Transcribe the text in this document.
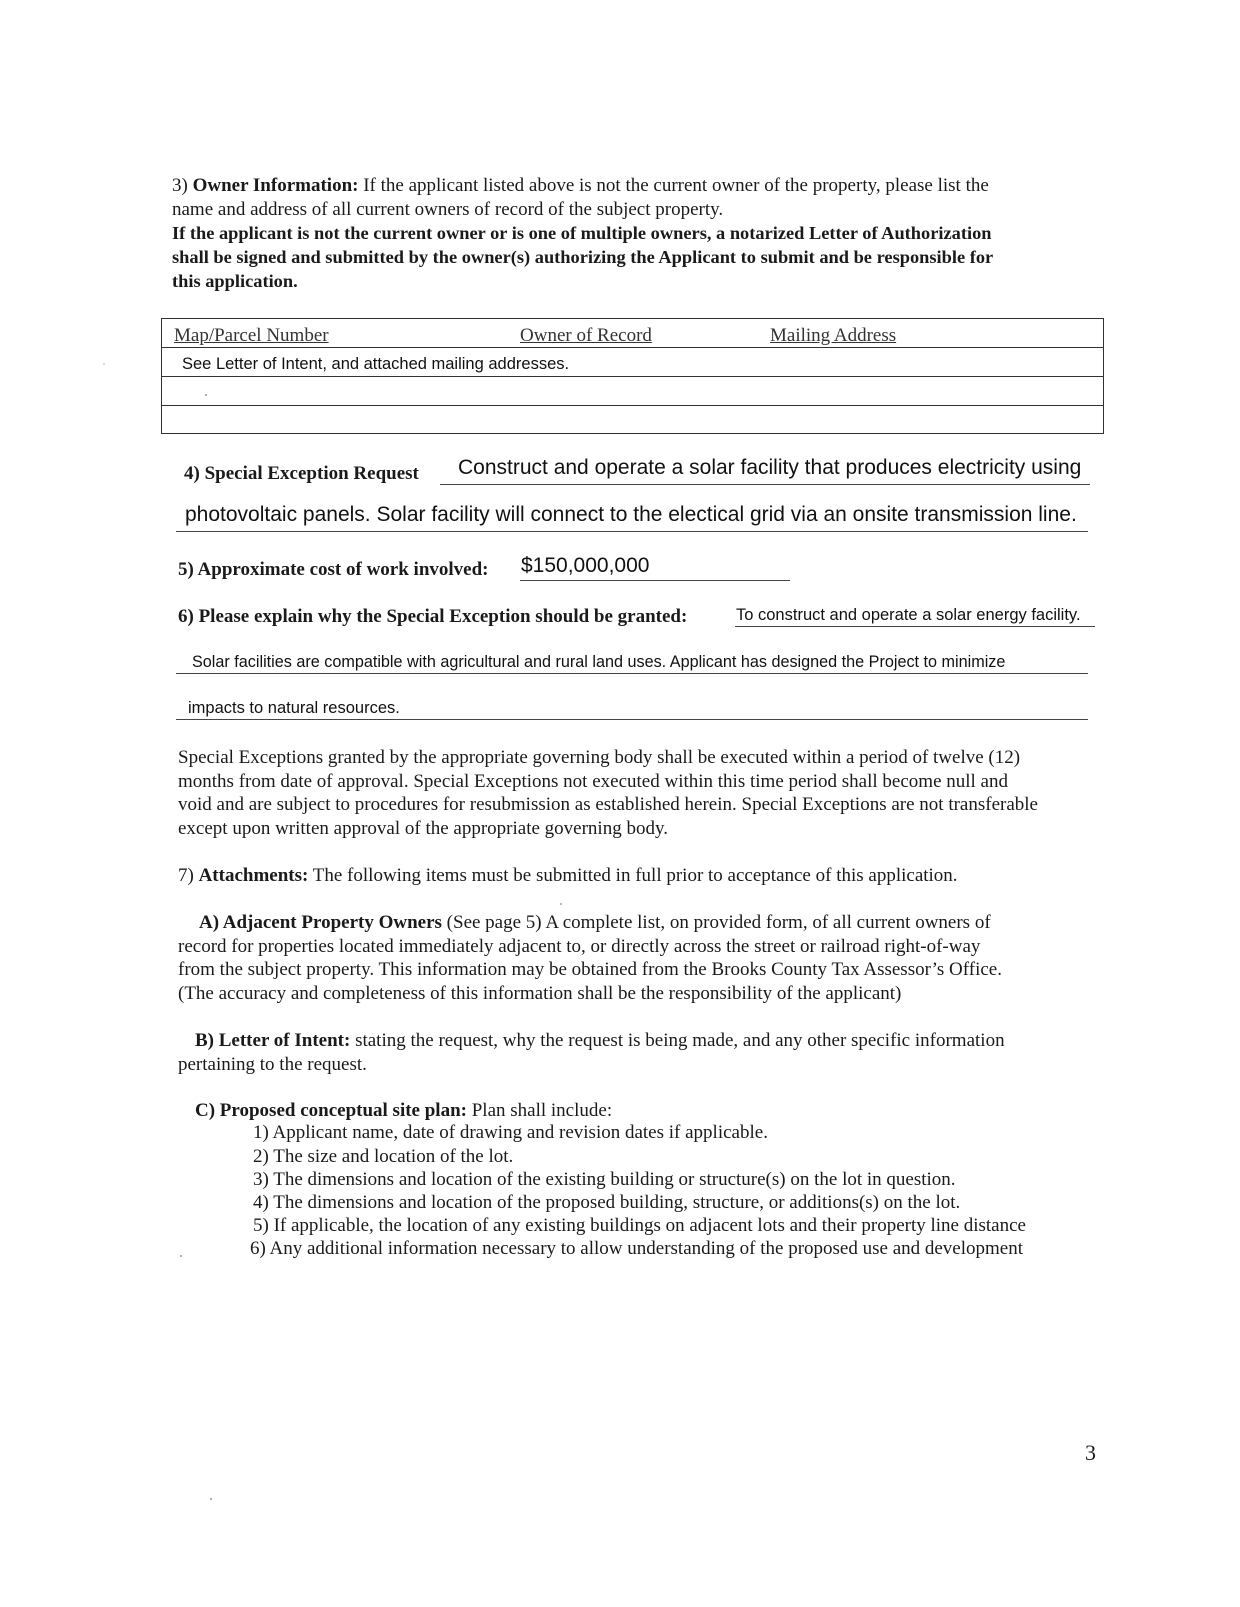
3) Owner Information: If the applicant listed above is not the current owner of the property, please list the
name and address of all current owners of record of the subject property.
If the applicant is not the current owner or is one of multiple owners, a notarized Letter of Authorization
shall be signed and submitted by the owner(s) authorizing the Applicant to submit and be responsible for
this application.
Map/Parcel Number	Owner of Record	Mailing Address
See Letter of Intent, and attached mailing addresses.
4) Special Exception Request Construct and operate a solar facility that produces electricity using
photovoltaic panels. Solar facility will connect to the electical grid via an onsite transmission line.
5) Approximate cost of work involved: $150,000,000
6) Please explain why the Special Exception should be granted:	To construct and operate a solar energy facility.
Solar facilities are compatible with agricultural and rural land uses. Applicant has designed the Project to minimize
impacts to natural resources.
Special Exceptions granted by the appropriate governing body shall be executed within a period of twelve (12)
months from date of approval. Special Exceptions not executed within this time period shall become null and
void and are subject to procedures for resubmission as established herein. Special Exceptions are not transferable
except upon written approval of the appropriate governing body.
7) Attachments: The following items must be submitted in full prior to acceptance of this application.
A) Adjacent Property Owners (See page 5) A complete list, on provided form, of all current owners of
record for properties located immediately adjacent to, or directly across the street or railroad right-of-way
from the subject property. This information may be obtained from the Brooks County Tax Assessor’s Office.
(The accuracy and completeness of this information shall be the responsibility of the applicant)
B) Letter of Intent: stating the request, why the request is being made, and any other specific information
pertaining to the request.
C) Proposed conceptual site plan: Plan shall include:
1) Applicant name, date of drawing and revision dates if applicable.
2) The size and location of the lot.
3) The dimensions and location of the existing building or structure(s) on the lot in question.
4) The dimensions and location of the proposed building, structure, or additions(s) on the lot.
5) If applicable, the location of any existing buildings on adjacent lots and their property line distance
6) Any additional information necessary to allow understanding of the proposed use and development
3
